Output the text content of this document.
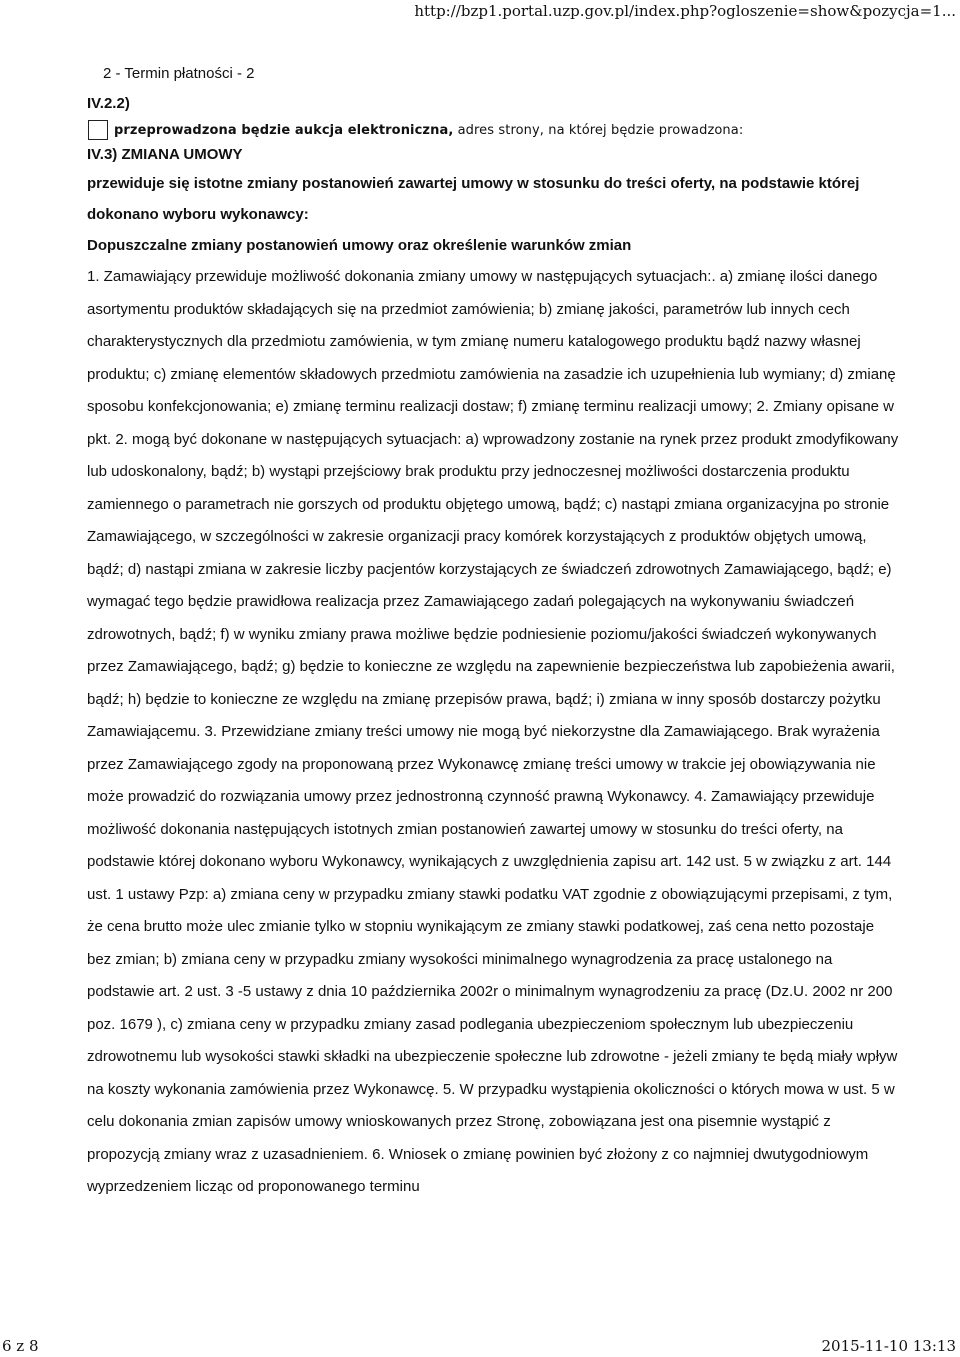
http://bzp1.portal.uzp.gov.pl/index.php?ogloszenie=show&pozycja=1...
2 - Termin płatności - 2
IV.2.2)
przeprowadzona będzie aukcja elektroniczna, adres strony, na której będzie prowadzona:
IV.3) ZMIANA UMOWY
przewiduje się istotne zmiany postanowień zawartej umowy w stosunku do treści oferty, na podstawie której dokonano wyboru wykonawcy:
Dopuszczalne zmiany postanowień umowy oraz określenie warunków zmian
1. Zamawiający przewiduje możliwość dokonania zmiany umowy w następujących sytuacjach:. a) zmianę ilości danego asortymentu produktów składających się na przedmiot zamówienia; b) zmianę jakości, parametrów lub innych cech charakterystycznych dla przedmiotu zamówienia, w tym zmianę numeru katalogowego produktu bądź nazwy własnej produktu; c) zmianę elementów składowych przedmiotu zamówienia na zasadzie ich uzupełnienia lub wymiany; d) zmianę sposobu konfekcjonowania; e) zmianę terminu realizacji dostaw; f) zmianę terminu realizacji umowy; 2. Zmiany opisane w pkt. 2. mogą być dokonane w następujących sytuacjach: a) wprowadzony zostanie na rynek przez produkt zmodyfikowany lub udoskonalony, bądź; b) wystąpi przejściowy brak produktu przy jednoczesnej możliwości dostarczenia produktu zamiennego o parametrach nie gorszych od produktu objętego umową, bądź; c) nastąpi zmiana organizacyjna po stronie Zamawiającego, w szczególności w zakresie organizacji pracy komórek korzystających z produktów objętych umową, bądź; d) nastąpi zmiana w zakresie liczby pacjentów korzystających ze świadczeń zdrowotnych Zamawiającego, bądź; e) wymagać tego będzie prawidłowa realizacja przez Zamawiającego zadań polegających na wykonywaniu świadczeń zdrowotnych, bądź; f) w wyniku zmiany prawa możliwe będzie podniesienie poziomu/jakości świadczeń wykonywanych przez Zamawiającego, bądź; g) będzie to konieczne ze względu na zapewnienie bezpieczeństwa lub zapobieżenia awarii, bądź; h) będzie to konieczne ze względu na zmianę przepisów prawa, bądź; i) zmiana w inny sposób dostarczy pożytku Zamawiającemu. 3. Przewidziane zmiany treści umowy nie mogą być niekorzystne dla Zamawiającego. Brak wyrażenia przez Zamawiającego zgody na proponowaną przez Wykonawcę zmianę treści umowy w trakcie jej obowiązywania nie może prowadzić do rozwiązania umowy przez jednostronną czynność prawną Wykonawcy. 4. Zamawiający przewiduje możliwość dokonania następujących istotnych zmian postanowień zawartej umowy w stosunku do treści oferty, na podstawie której dokonano wyboru Wykonawcy, wynikających z uwzględnienia zapisu art. 142 ust. 5 w związku z art. 144 ust. 1 ustawy Pzp: a) zmiana ceny w przypadku zmiany stawki podatku VAT zgodnie z obowiązującymi przepisami, z tym, że cena brutto może ulec zmianie tylko w stopniu wynikającym ze zmiany stawki podatkowej, zaś cena netto pozostaje bez zmian; b) zmiana ceny w przypadku zmiany wysokości minimalnego wynagrodzenia za pracę ustalonego na podstawie art. 2 ust. 3 -5 ustawy z dnia 10 października 2002r o minimalnym wynagrodzeniu za pracę (Dz.U. 2002 nr 200 poz. 1679 ), c) zmiana ceny w przypadku zmiany zasad podlegania ubezpieczeniom społecznym lub ubezpieczeniu zdrowotnemu lub wysokości stawki składki na ubezpieczenie społeczne lub zdrowotne - jeżeli zmiany te będą miały wpływ na koszty wykonania zamówienia przez Wykonawcę. 5. W przypadku wystąpienia okoliczności o których mowa w ust. 5 w celu dokonania zmian zapisów umowy wnioskowanych przez Stronę, zobowiązana jest ona pisemnie wystąpić z propozycją zmiany wraz z uzasadnieniem. 6. Wniosek o zmianę powinien być złożony z co najmniej dwutygodniowym wyprzedzeniem licząc od proponowanego terminu
6 z 8	2015-11-10 13:13
